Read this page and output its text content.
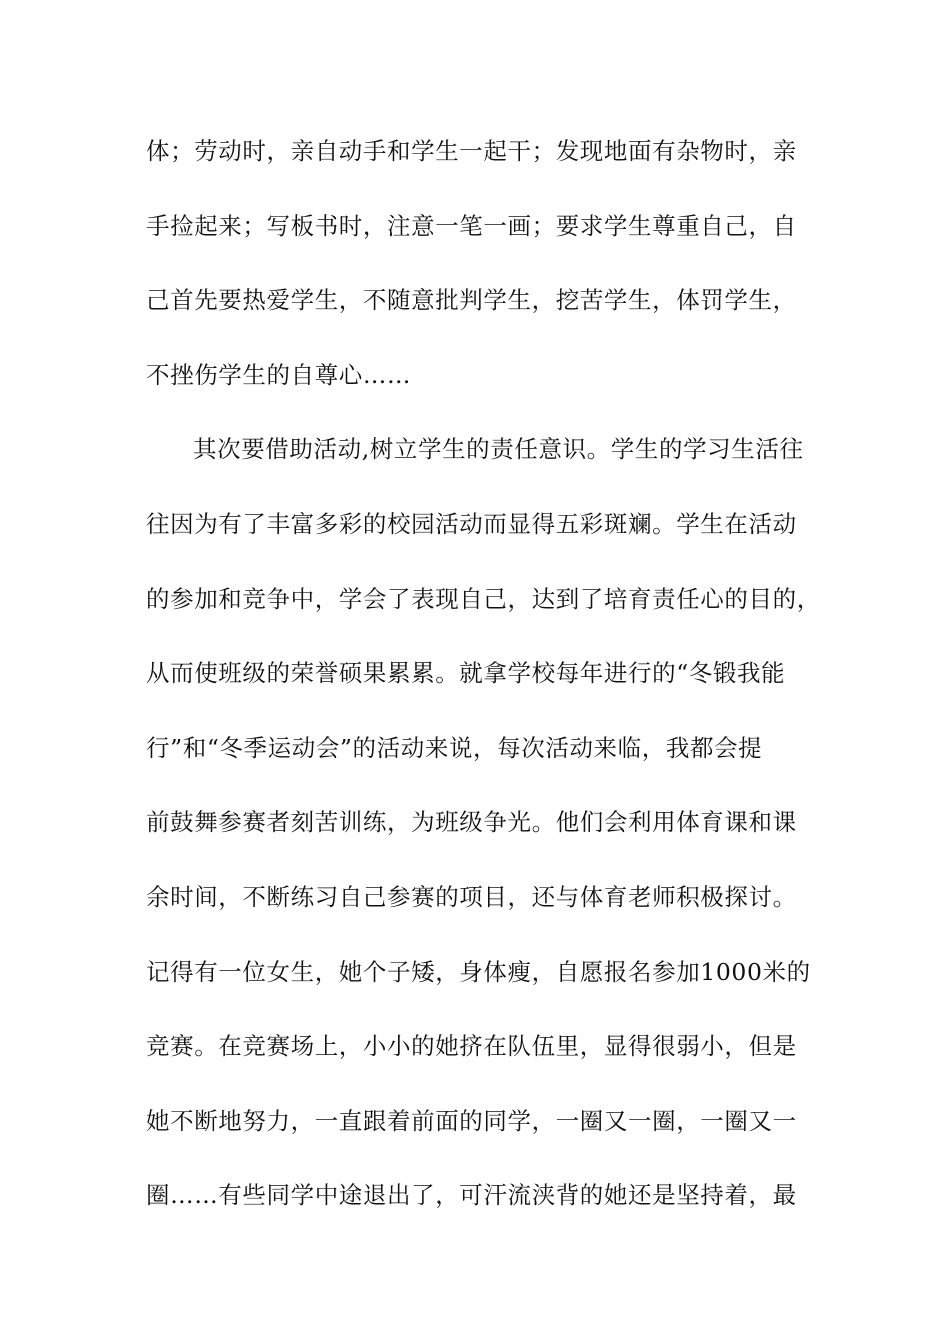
体；劳动时，亲自动手和学生一起干；发现地面有杂物时，亲
手捡起来；写板书时，注意一笔一画；要求学生尊重自己，自
己首先要热爱学生，不随意批判学生，挖苦学生，体罚学生，
不挫伤学生的自尊心……
其次要借助活动,树立学生的责任意识。学生的学习生活往
往因为有了丰富多彩的校园活动而显得五彩斑斓。学生在活动
的参加和竞争中，学会了表现自己，达到了培育责任心的目的，
从而使班级的荣誉硕果累累。就拿学校每年进行的“冬锻我能
行”和“冬季运动会”的活动来说，每次活动来临，我都会提
前鼓舞参赛者刻苦训练，为班级争光。他们会利用体育课和课
余时间，不断练习自己参赛的项目，还与体育老师积极探讨。
记得有一位女生，她个子矮，身体瘦，自愿报名参加1000米的
竞赛。在竞赛场上，小小的她挤在队伍里，显得很弱小，但是
她不断地努力，一直跟着前面的同学，一圈又一圈，一圈又一
圈……有些同学中途退出了，可汗流浃背的她还是坚持着，最
